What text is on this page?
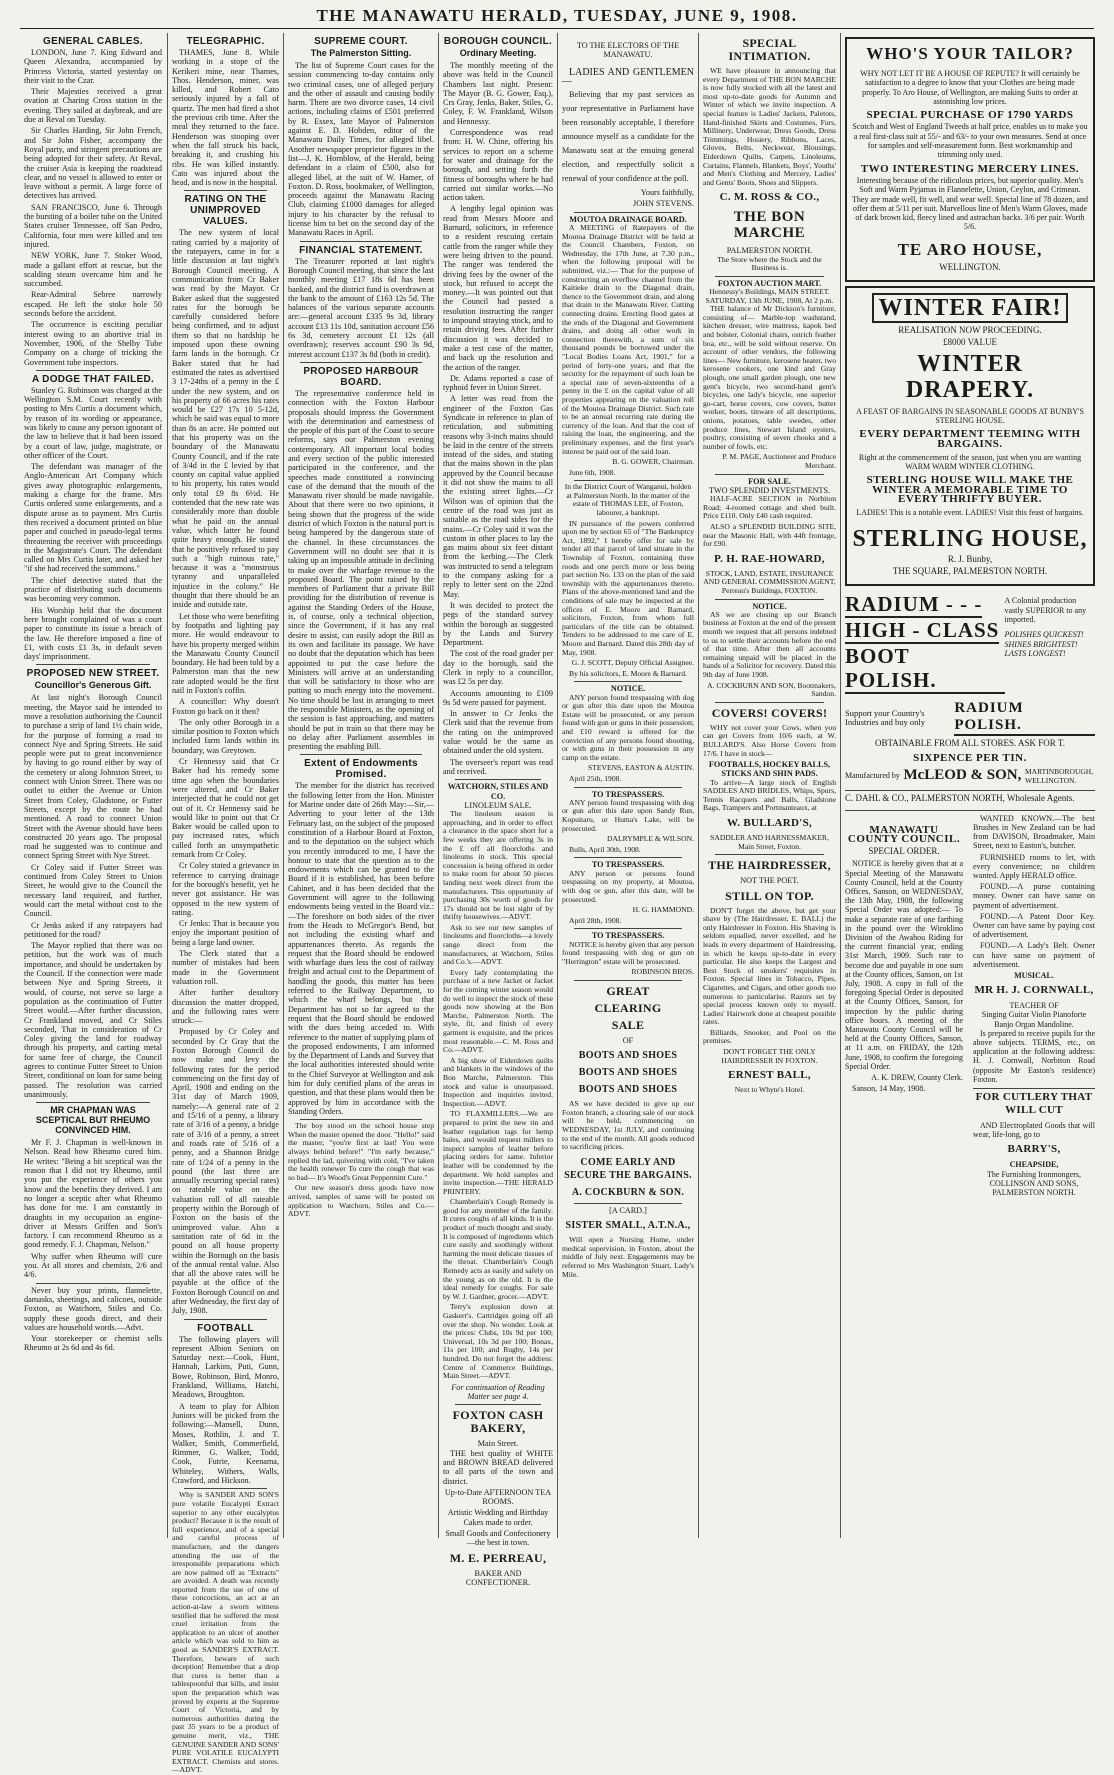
THE MANAWATU HERALD, TUESDAY, JUNE 9, 1908.
GENERAL CABLES.

LONDON, June 7. King Edward and Queen Alexandra, accompanied by Princess Victoria, started yesterday on their visit to the Czar.

Their Majesties received a great ovation at Charing Cross station in the evening. They sailed at daybreak, and are due at Reval on Tuesday.

Sir Charles Harding, Sir John French, and Sir John Fisher, accompany the Royal party, and stringent precautions are being adopted for their safety. At Reval, the cruiser Asia is keeping the roadstead clear, and no vessel is allowed to enter or leave without a permit. A large force of detectives has arrived.

SAN FRANCISCO, June 6. Through the bursting of a boiler tube on the United States cruiser Tennessee, off San Pedro, California, four men were killed and ten injured.

NEW YORK, June 7. Stoker Wood, made a gallant effort at rescue, but the scalding steam overcame him and he succumbed.

Rear-Admiral Sebree narrowly escaped. He left the stoke hole 50 seconds before the accident.

The occurrence is exciting peculiar interest owing to an abortive trial in November, 1906, of the Shelby Tube Company on a charge of tricking the Government tube inspectors.

A DODGE THAT FAILED.

Stanley G. Robinson was charged at the Wellington S.M. Court recently with posting to Mrs Curtis a document which, by reason of its wording or appearance, was likely to cause any person ignorant of the law to believe that it had been issued by a court of law, judge, magistrate, or other officer of the Court.

The defendant was manager of the Anglo-American Art Company which gives away photographic enlargements, making a charge for the frame. Mrs Curtis ordered some enlargements, and a dispute arose as to payment. Mrs Curtis then received a document printed on blue paper and couched in pseudo-legal terms threatening the receiver with proceedings in the Magistrate's Court. The defendant called on Mrs Curtis later, and asked her "if she had received the summons."

The chief detective stated that the practice of distributing such documents was becoming very common.

His Worship held that the document here brought complained of was a court paper to constitute its issue a breach of the law. He therefore imposed a fine of £1, with costs £1 3s, in default seven days' imprisonment.

PROPOSED NEW STREET.
Councillor's Generous Gift.

At last night's Borough Council meeting, the Mayor said he intended to move a resolution authorising the Council to purchase a strip of land 1½ chain wide, for the purpose of forming a road to connect Nye and Spring Streets. He said people were put to great inconvenience by having to go round either by way of the cemetery or along Johnston Street, to connect with Union Street. There was no outlet to either the Avenue or Union Street from Coley, Gladstone, or Futter Streets, except by the route he had mentioned. A road to connect Union Street with the Avenue should have been constructed 20 years ago. The proposal road he suggested was to continue and connect Spring Street with Nye Street.

Cr Coley said if Futter Street was continued from Coley Street to Union Street, he would give to the Council the necessary land required, and further, would cart the metal without cost to the Council.

Cr Jenks asked if any ratepayers had petitioned for the road?

The Mayor replied that there was no petition, but the work was of much importance, and should be undertaken by the Council. If the connection were made between Nye and Spring Streets, it would, of course, not serve so large a population as the continuation of Futter Street would.—After further discussion, Cr Frankland moved, and Cr Stiles seconded, That in consideration of Cr Coley giving the land for roadway through his property, and carting metal for same free of charge, the Council agrees to continue Futter Street to Union Street, conditional on loan for same being passed. The resolution was carried unanimously.

MR CHAPMAN WAS SCEPTICAL BUT RHEUMO CONVINCED HIM.

Mr F. J. Chapman is well-known in Nelson. Read how Rheumo cured him. He writes: "Being a bit sceptical was the reason that I did not try Rheumo, until you put the experience of others you know and the benefits they derived. I am no longer a sceptic after what Rheumo has done for me. I am constantly in draughts in my occupation as engine-driver at Messrs Griffen and Son's factory. I can recommend Rheumo as a good remedy. F. J. Chapman, Nelson."

Why suffer when Rheumo will cure you. At all stores and chemists, 2/6 and 4/6.

Never buy your prints, flannelette, damasks, sheetings, and calicoes, outside Foxton, as Watchorn, Stiles and Co. supply these goods direct, and their values are household words.—Advt.

Your storekeeper or chemist sells Rheumo at 2s 6d and 4s 6d.

TELEGRAPHIC.

THAMES, June 8. While working in a stope of the Kerikeri mine, near Thames, Thos. Henderson, miner, was killed, and Robert Cato seriously injured by a fall of quartz. The men had fired a shot the previous crib time. After the meal they returned to the face. Henderson was stooping over when the fall struck his back, breaking it, and crushing his ribs. He was killed instantly. Cato was injured about the head, and is now in the hospital.

RATING ON THE UNIMPROVED VALUES.

The new system of local rating carried by a majority of the ratepayers, came in for a little discussion at last night's Borough Council meeting. A communication from Cr Baker was read by the Mayor. Cr Baker asked that the suggested rates for the borough be carefully considered before being confirmed, and to adjust them so that no hardship be imposed upon these owning farm lands in the borough. Cr Baker stated that he had estimated the rates as advertised 3 17-24ths of a penny in the £ under the new system, and on his property of 66 acres his rates would be £27 17s 10 5-12d, which he said was equal to more than 8s an acre. He pointed out that his property was on the boundary of the Manawatu County Council, and if the rate of 3/4d in the £ levied by that county on capital value applied to his property, his rates would only total £9 8s 6½d. He contended that the new rate was considerably more than double what he paid on the annual value, which latter he found quite heavy enough. He stated that he positively refused to pay such a "high ruinous rate," because it was a "monstrous tyranny and unparalleled injustice in the colony." He thought that there should be an inside and outside rate.

Let those who were benefiting by footpaths and lighting pay more. He would endeavour to have his property merged within the Manawatu County Council boundary. He had been told by a Palmerston man that the new rate adopted would be the first nail in Foxton's coffin.

A councillor: Why doesn't Foxton go back on it then?

The only other Borough in a similar position to Foxton which included farm lands within its boundary, was Greytown.

Cr Hennessy said that Cr Baker had his remedy some time ago when the boundaries were altered, and Cr Baker interjected that he could not get out of it. Cr Hennessy said he would like to point out that Cr Baker would be called upon to pay increased rates, which called forth an unsympathetic remark from Cr Coley.

Cr Coley stated a grievance in reference to carrying drainage for the borough's benefit, yet he never got assistance. He was opposed to the new system of rating.

Cr Jenks: That is because you enjoy the important position of being a large land owner.

The Clerk stated that a number of mistakes had been made in the Government valuation roll.

After further desultory discussion the matter dropped, and the following rates were struck:—

Proposed by Cr Coley and seconded by Cr Gray that the Foxton Borough Council do now make and levy the following rates for the period commencing on the first day of April, 1908 and ending on the 31st day of March 1909, namely:—A general rate of 2 and 15/16 of a penny, a library rate of 3/16 of a penny, a bridge rate of 3/16 of a penny, a street and roads rate of 5/16 of a penny, and a Shannon Bridge rate of 1/24 of a penny in the pound (the last three are annually recurring special rates) on rateable value on the valuation roll of all rateable property within the Borough of Foxton on the basis of the unimproved value. Also a sanitation rate of 6d in the pound on all house property within the Borough on the basis of the annual rental value. Also that all the above rates will be payable at the office of the Foxton Borough Council on and after Wednesday, the first day of July, 1908.

FOOTBALL

The following players will represent Albion Seniors on Saturday next:—Cook, Hunt, Hannah, Larkins, Puti, Gunn, Bowe, Robinson, Bird, Monro, Frankland, Williams, Hatchi, Meadows, Broughton.

A team to play for Albion Juniors will be picked from the following:—Mansell, Dunn, Moses, Rothlin, J. and T. Walker, Smith, Commerfield, Rimmer, G. Walker, Todd, Cook, Futrie, Keenama, Whiteley, Withers, Walls, Crawford, and Hickson.

Why is SANDER AND SON'S pure volatile Eucalypti Extract superior to any other eucalyptus product? Because it is the result of full experience, and of a special and careful process of manufacture, and the dangers attending the use of the irresponsible preparations which are now palmed off as "Extracts" are avoided. A death was recently reported from the use of one of these concoctions, an act at an action-at-law a sworn witness testified that he suffered the most cruel irritation from the application to an ulcer of another article which was sold to him as good as SANDER'S EXTRACT. Therefore, beware of such deception! Remember that a drop that cures is better than a tablespoonful that kills, and insist upon the preparation which was proved by experts at the Supreme Court of Victoria, and by numerous authorities during the past 35 years to be a product of genuine merit, viz., THE GENUINE SANDER AND SONS' PURE VOLATILE EUCALYPTI EXTRACT. Chemists and stores.—ADVT.

SUPREME COURT.
The Palmerston Sitting.

The list of Supreme Court cases for the session commencing to-day contains only two criminal cases, one of alleged perjury and the other of assault and causing bodily harm. There are two divorce cases, 14 civil actions, including claims of £501 preferred by R. Essex, late Mayor of Palmerston against E. D. Hobden, editor of the Manawatu Daily Times, for alleged libel. Another newspaper proprietor figures in the list—J. K. Hornblow, of the Herald, being defendant in a claim of £500, also for alleged libel, at the suit of W. Hamer, of Foxton. D. Ross, bookmaker, of Wellington, proceeds against the Manawatu Racing Club, claiming £1000 damages for alleged injury to his character by the refusal to license him to bet on the second day of the Manawatu Races in April.

FINANCIAL STATEMENT.

The Treasurer reported at last night's Borough Council meeting, that since the last monthly meeting £17 18s 6d has been banked, and the district fund is overdrawn at the bank to the amount of £163 12s 5d. The balances of the various separate accounts are:—general account £335 9s 3d, library account £13 11s 10d, sanitation account £56 6s 3d, cemetery account £1 12s (all overdrawn); reserves account £90 3s 9d, interest account £137 3s 8d (both in credit).

PROPOSED HARBOUR BOARD.

The representative conference held in connection with the Foxton Harbour proposals should impress the Government with the determination and earnestness of the people of this part of the Coast to secure reforms, says our Palmerston evening contemporary. All important local bodies and every section of the public interested participated in the conference, and the speeches made constituted a convincing case of the demand that the mouth of the Manawatu river should be made navigable. About that there were no two opinions, it being shown that the progress of the wide district of which Foxton is the natural port is being hampered by the dangerous state of the channel. In these circumstances the Government will no doubt see that it is taking up an impossible attitude in declining to make over the wharfage revenue to the proposed Board. The point raised by the members of Parliament that a private Bill providing for the distribution of revenue is against the Standing Orders of the House, is, of course, only a technical objection, since the Government, if it has any real desire to assist, can easily adopt the Bill as its own and facilitate its passage. We have no doubt that the deputation which has been appointed to put the case before the Ministers will arrive at an understanding that will be satisfactory to those who are putting so much energy into the movement. No time should be lost in arranging to meet the responsible Ministers, as the opening of the session is fast approaching, and matters should be put in train so that there may be no delay after Parliament assembles in presenting the enabling Bill.

Extent of Endowments Promised.

The member for the district has received the following letter from the Hon. Minister for Marine under date of 26th May:—Sir,—Adverting to your letter of the 13th February last, on the subject of the proposed constitution of a Harbour Board at Foxton, and to the deputation on the subject which you recently introduced to me, I have the honour to state that the question as to the endowments which can be granted to the Board if it is established, has been before Cabinet, and it has been decided that the Government will agree to the following endowments being vested in the Board viz.:—The foreshore on both sides of the river from the Heads to McGregor's Bend, but not including the existing wharf and appurtenances thereto. As regards the request that the Board should be endowed with wharfage dues less the cost of railway freight and actual cost to the Department of handling the goods, this matter has been referred to the Railway Department, to which the wharf belongs, but that Department has not so far agreed to the request that the Board should be endowed with the dues being acceded to. With reference to the matter of supplying plans of the proposed endowments, I am informed by the Department of Lands and Survey that the local authorities interested should write to the Chief Surveyor at Wellington and ask him for duly certified plans of the areas in question, and that these plans would then be approved by him in accordance with the Standing Orders.

The boy stood on the school house step When the master opened the door. "Hello!" said the master, "you're first at last! You were always behind before!" "I'm early because," replied the lad, quivering with cold, "I've taken the health renewer To cure the cough that was so bad— It's Wood's Great Peppermint Cure."

Our new season's dress goods have now arrived, samples of same will be posted on application to Watchorn, Stiles and Co.—ADVT.

BOROUGH COUNCIL.
Ordinary Meeting.

The monthly meeting of the above was held in the Council Chambers last night. Present: The Mayor (B. G. Gower, Esq.), Crs Gray, Jenks, Baker, Stiles, G. Coley, F. W. Frankland, Wilson and Hennessy.

Correspondence was read from: H. W. Chine, offering his services to report on a scheme for water and drainage for the borough, and setting forth the fitness of boroughs where he had carried out similar works.—No action taken.

A lengthy legal opinion was read from Messrs Moore and Barnard, solicitors, in reference to a resident rescuing certain cattle from the ranger while they were being driven to the pound. The ranger was tendered the driving fees by the owner of the stock, but refused to accept the money.—It was pointed out that the Council had passed a resolution instructing the ranger to impound straying stock, and to retain driving fees. After further discussion it was decided to make a test case of the matter, and back up the resolution and the action of the ranger.

Dr. Adams reported a case of typhoid fever in Union Street.

A letter was read from the engineer of the Foxton Gas Syndicate in reference to plan of reticulation, and submitting reasons why 3-inch mains should be laid in the centre of the streets instead of the sides, and stating that the mains shown in the plan approved by the Council because it did not show the mains to all the existing street lights.—Cr Wilson was of opinion that the centre of the road was just as suitable as the road sides for the mains.—Cr Coley said it was the custom in other places to lay the gas mains about six feet distant from the kerbing.—The Clerk was instructed to send a telegram to the company asking for a reply to letter sent on the 22nd May.

It was decided to protect the pegs of the standard survey within the borough as suggested by the Lands and Survey Department.

The cost of the road grader per day to the borough, said the Clerk in reply to a councillor, was £2 5s per day.

Accounts amounting to £109 9s 5d were passed for payment.

In answer to Cr Jenks the Clerk said that the revenue from the rating on the unimproved value would be the same as obtained under the old system.

The overseer's report was read and received.

WATCHORN, STILES AND CO.
LINOLEUM SALE.

The linoleum season is approaching, and in order to effect a clearance in the space short for a few weeks they are offering 3s in the £ off all floorcloths and linoleums in stock. This special concession is being offered in order to make room for about 50 pieces landing next week direct from the manufacturers. This opportunity of purchasing 30s worth of goods for 17s should not be lost sight of by thrifty housewives.—ADVT.

Ask to see our new samples of linoleums and floorcloths—a lovely range direct from the manufacturers, at Watchorn, Stiles and Co.'s.—ADVT.

Every lady contemplating the purchase of a new Jacket or Jacket for the coming winter season would do well to inspect the stock of these goods now showing at the Bon Marche, Palmerston North. The style, fit, and finish of every garment is exquisite, and the prices most reasonable.—C. M. Ross and Co.—ADVT.

A big show of Eiderdown quilts and blankets in the windows of the Bon Marche, Palmerston. This stock and value is unsurpassed. Inspection and inquiries invited. Inspection.—ADVT.

TO FLAXMILLERS.—We are prepared to print the new tin and leather regulation tags for hemp bales, and would request millers to inspect samples of leather before placing orders for same. Inferior leather will be condemned by the department. We hold samples and invite inspection.—THE HERALD PRINTERY.

Chamberlain's Cough Remedy is good for any member of the family. It cures coughs of all kinds. It is the product of much thought and study. It is composed of ingredients which cure easily and soothingly without harming the most delicate tissues of the throat. Chamberlain's Cough Remedy acts as easily and safely on the young as on the old. It is the ideal remedy for coughs. For sale by W. J. Gardner, grocer.—ADVT.

Terry's explosion down at Gaskerr's. Cartridges going off all over the shop. No wonder. Look at the prices: Clubs, 10s 9d per 100; Universal, 10s 3d per 100; Bonax, 11s per 100; and Rugby, 14s per hundred. Do not forget the address: Centre of Commerce Buildings, Main Street.—ADVT.

For continuation of Reading Matter see page 4.

FOXTON CASH BAKERY,
Main Street.

THE best quality of WHITE and BROWN BREAD delivered to all parts of the town and district.

Up-to-Date AFTERNOON TEA ROOMS.

Artistic Wedding and Birthday Cakes made to order.

Small Goods and Confectionery—the best in town.

M. E. PERREAU,
BAKER AND CONFECTIONER.
TO THE ELECTORS OF THE MANAWATU.

LADIES AND GENTLEMEN—

Believing that my past services as your representative in Parliament have been reasonably acceptable, I therefore announce myself as a candidate for the Manawatu seat at the ensuing general election, and respectfully solicit a renewal of your confidence at the poll.

Yours faithfully,

JOHN STEVENS.

MOUTOA DRAINAGE BOARD.

A MEETING of Ratepayers of the Moutoa Drainage District will be held at the Council Chambers, Foxton, on Wednesday, the 17th June, at 7.30 p.m., when the following proposal will be submitted, viz.:— That for the purpose of constructing an overflow channel from the Kaitieke drain to the Diagonal drain, thence to the Government drain, and along that drain to the Manawatu River. Cutting connecting drains. Erecting flood gates at the ends of the Diagonal and Government drains, and doing all other work in connection therewith, a sum of six thousand pounds be borrowed under the "Local Bodies Loans Act, 1901," for a period of forty-one years, and that the security for the repayment of such loan be a special rate of seven-sixteenths of a penny in the £ on the capital value of all properties appearing on the valuation roll of the Moutoa Drainage District. Such rate to be an annual recurring rate during the currency of the loan. And that the cost of raising the loan, the engineering, and the preliminary expenses, and the first year's interest be paid out of the said loan.

B. G. GOWER, Chairman.

June 6th, 1908.

In the District Court of Wanganui, holden at Palmerston North. In the matter of the estate of THOMAS LEE, of Foxton, labourer, a bankrupt.

IN pursuance of the powers conferred upon me by section 65 of "The Bankruptcy Act, 1892," I hereby offer for sale by tender all that parcel of land situate in the Township of Foxton, containing three roods and one perch more or less being part section No. 133 on the plan of the said township with the appurtenances thereto. Plans of the above-mentioned land and the conditions of sale may be inspected at the offices of E. Moore and Barnard, solicitors, Foxton, from whom full particulars of the title can be obtained. Tenders to be addressed to me care of E. Moore and Barnard. Dated this 28th day of May, 1908.

G. J. SCOTT, Deputy Official Assignee.

By his solicitors, E. Moore & Barnard.

NOTICE.

ANY person found trespassing with dog or gun after this date upon the Moutoa Estate will be prosecuted, or any person found with gun or guns in their possession; and £10 reward is offered for the conviction of any persons found shooting, or with guns in their possession in any camp on the estate.

STEVENS, EASTON & AUSTIN.

April 25th, 1908.

TO TRESPASSERS.

ANY person found trespassing with dog or gun after this date upon Sandy Run, Kopuitaru, or Huma's Lake, will be prosecuted.

DALRYMPLE & WILSON.

Bulls, April 30th, 1908.

TO TRESPASSERS.

ANY person or persons found trespassing on my property, at Moutoa, with dog or gun, after this date, will be prosecuted.

H. G. HAMMOND.

April 28th, 1908.

TO TRESPASSERS.

NOTICE is hereby given that any person found trespassing with dog or gun on "Herrington" estate will be prosecuted.

ROBINSON BROS.

GREAT
CLEARING
SALE
OF
BOOTS AND SHOES
BOOTS AND SHOES
BOOTS AND SHOES

AS we have decided to give up our Foxton branch, a clearing sale of our stock will be held, commencing on WEDNESDAY, 1st JULY, and continuing to the end of the month. All goods reduced to sacrificing prices.

COME EARLY AND SECURE THE BARGAINS.
A. COCKBURN & SON.
[A CARD.]
SISTER SMALL, A.T.N.A.,

Will open a Nursing Home, under medical supervision, in Foxton, about the middle of July next. Engagements may be referred to Mrs Washington Stuart, Lady's Mile.

SPECIAL INTIMATION.

WE have pleasure in announcing that every Department of THE BON MARCHE is now fully stocked with all the latest and most up-to-date goods for Autumn and Winter of which we invite inspection. A special feature is Ladies' Jackets, Paletots, Hand-finished Skirts and Costumes, Furs, Millinery, Underwear, Dress Goods, Dress Trimmings, Hosiery, Ribbons, Laces, Gloves, Belts, Neckwear, Blousings, Eiderdown Quilts, Carpets, Linoleums, Curtains, Flannels, Blankets, Boys', Youths' and Men's Clothing and Mercery, Ladies' and Gents' Boots, Shoes and Slippers.

C. M. ROSS & CO.,
THE BON MARCHE
PALMERSTON NORTH.
The Store where the Stock and the Business is.
FOXTON AUCTION MART.
Hennessy's Buildings, MAIN STREET.
SATURDAY, 13th JUNE, 1908, At 2 p.m.

THE balance of Mr Dickson's furniture, consisting of— Marble-top washstand, kitchen dresser, wire mattress, kapok bed and bolster, Colonial chairs, ostrich feather boa, etc., will be sold without reserve. On account of other vendors, the following lines— New furniture, kerosene heater, two kerosene cookers, one kind and Gray plough, one small garden plough, one new gent's bicycle, two second-hand gent's bicycles, one lady's bicycle, one superior go-cart, horse covers, cow covers, butter worker, boots, tinware of all descriptions, onions, potatoes, table swedes, other produce lines, Stewart Island oysters, poultry, consisting of seven chooks and a number of fowls, etc.

P. M. PAGE, Auctioneer and Produce Merchant.

FOR SALE.
TWO SPLENDID INVESTMENTS.

HALF-ACRE SECTION in Norbiton Road; 4-roomed cottage and shed built. Price £110. Only £40 cash required.

ALSO a SPLENDID BUILDING SITE, near the Masonic Hall, with 44ft frontage, for £90.

P. H. RAE-HOWARD,
STOCK, LAND, ESTATE, INSURANCE AND GENERAL COMMISSION AGENT,
Perreau's Buildings, FOXTON.
NOTICE.

AS we are closing up our Branch business at Foxton at the end of the present month we request that all persons indebted to us to settle their accounts before the end of that time. After then all accounts remaining unpaid will be placed in the hands of a Solicitor for recovery. Dated this 9th day of June 1908.

A. COCKBURN AND SON, Bootmakers, Sandon.

COVERS! COVERS!

WHY not cover your Cows, when you can get Covers from 10/6 each, at W. BULLARD'S. Also Horse Covers from 17/6. I have in stock—

FOOTBALLS, HOCKEY BALLS, STICKS AND SHIN PADS.

To arrive—A large stock of English SADDLES AND BRIDLES, Whips, Spurs, Tennis Racquets and Balls, Gladstone Bags, Trampers and Portmanteaux, at

W. BULLARD'S,
SADDLER AND HARNESSMAKER,
Main Street, Foxton.
THE HAIRDRESSER,
NOT THE POET.
STILL ON TOP.

DON'T forget the above, but get your shave by (The Hairdresser, E. BALL) the only Hairdresser in Foxton. His Shaving is seldom equalled, never excelled, and he leads in every department of Hairdressing, in which he keeps up-to-date in every particular. He also keeps the Largest and Best Stock of smokers' requisites in Foxton. Special lines in Tobacco, Pipes, Cigarettes, and Cigars, and other goods too numerous to particularise. Razors set by special process known only to myself. Ladies' Hairwork done at cheapest possible rates.

Billiards, Snooker, and Pool on the premises.

DON'T FORGET THE ONLY HAIRDRESSER IN FOXTON.
ERNEST BALL,
Next to Whyte's Hotel.
WHO'S YOUR TAILOR?
WHY NOT LET IT BE A HOUSE OF REPUTE? It will certainly be satisfaction to a degree to know that your Clothes are being made properly. To Aro House, of Wellington, are making Suits to order at astonishing low prices.
SPECIAL PURCHASE OF 1790 YARDS
Scotch and West of England Tweeds at half price, enables us to make you a real first-class suit at 55/- and 63/- to your own measures. Send at once for samples and self-measurement form. Best workmanship and trimming only used.
TWO INTERESTING MERCERY LINES.
Interesting because of the ridiculous prices, but superior quality. Men's Soft and Warm Pyjamas in Flannelette, Union, Ceylon, and Crimean. They are made well, fit well, and wear well. Special line of 78 dozen, and offer them at 5/11 per suit. Marvellous line of Men's Warm Gloves, made of dark brown kid, fleecy lined and astrachan backs. 3/6 per pair. Worth 5/6.
TE ARO HOUSE,
WELLINGTON.
WINTER FAIR!
REALISATION NOW PROCEEDING.
£8000 VALUE
WINTER DRAPERY.
A FEAST OF BARGAINS IN SEASONABLE GOODS AT BUNBY'S STERLING HOUSE.
EVERY DEPARTMENT TEEMING WITH BARGAINS.
Right at the commencement of the season, just when you are wanting WARM WARM WINTER CLOTHING.
STERLING HOUSE WILL MAKE THE WINTER A MEMORABLE TIME TO EVERY THRIFTY BUYER.
LADIES! This is a notable event. LADIES! Visit this feast of bargains.
STERLING HOUSE,
R. J. Bunby,
THE SQUARE, PALMERSTON NORTH.
RADIUM - - -
HIGH - CLASS
BOOT POLISH.
A Colonial production vastly SUPERIOR to any imported.
POLISHES QUICKEST! SHINES BRIGHTEST! LASTS LONGEST!
Support your Country's Industries and buy only
RADIUM POLISH.
OBTAINABLE FROM ALL STORES. ASK FOR T.
SIXPENCE PER TIN.
Manufactured by McLEOD & SON, MARTINBOROUGH, WELLINGTON.
C. DAHL & CO., PALMERSTON NORTH, Wholesale Agents.
MANAWATU COUNTY COUNCIL.
SPECIAL ORDER.

NOTICE is hereby given that at a Special Meeting of the Manawatu County Council, held at the County Offices, Sanson, on WEDNESDAY, the 13th May, 1908, the following Special Order was adopted:— To make a separate rate of one farthing in the pound over the Wiroklino Division of the Awahou Riding for the current financial year, ending 31st March, 1909. Such rate to become due and payable in one sum at the County offices, Sanson, on 1st July, 1908. A copy in full of the foregoing Special Order is deposited at the County Offices, Sanson, for inspection by the public during office hours. A meeting of the Manawatu County Council will be held at the County Offices, Sanson, at 11 a.m. on FRIDAY, the 12th June, 1908, to confirm the foregoing Special Order.

A. K. DREW, County Clerk.

Sanson, 14 May, 1908.

WANTED KNOWN.—The best Brushes in New Zealand can be had from DAVISON, Broadmaker, Main Street, next to Easton's, butcher.

FURNISHED rooms to let, with every convenience; no children wanted. Apply HERALD office.

FOUND.—A purse containing money. Owner can have same on payment of advertisement.

FOUND.—A Patent Door Key. Owner can have same by paying cost of advertisement.

FOUND.—A Lady's Belt. Owner can have same on payment of advertisement.

MUSICAL.
MR H. J. CORNWALL,
TEACHER OF
Singing Guitar Violin Pianoforte Banjo Organ Mandoline.

Is prepared to receive pupils for the above subjects. TERMS, etc., on application at the following address: H. J. Cornwall, Norbiton Road (opposite Mr Easton's residence) Foxton.

FOR CUTLERY THAT WILL CUT

AND Electroplated Goods that will wear, life-long, go to

BARRY'S,
CHEAPSIDE,
The Furnishing Ironmongers, COLLINSON AND SONS, PALMERSTON NORTH.
